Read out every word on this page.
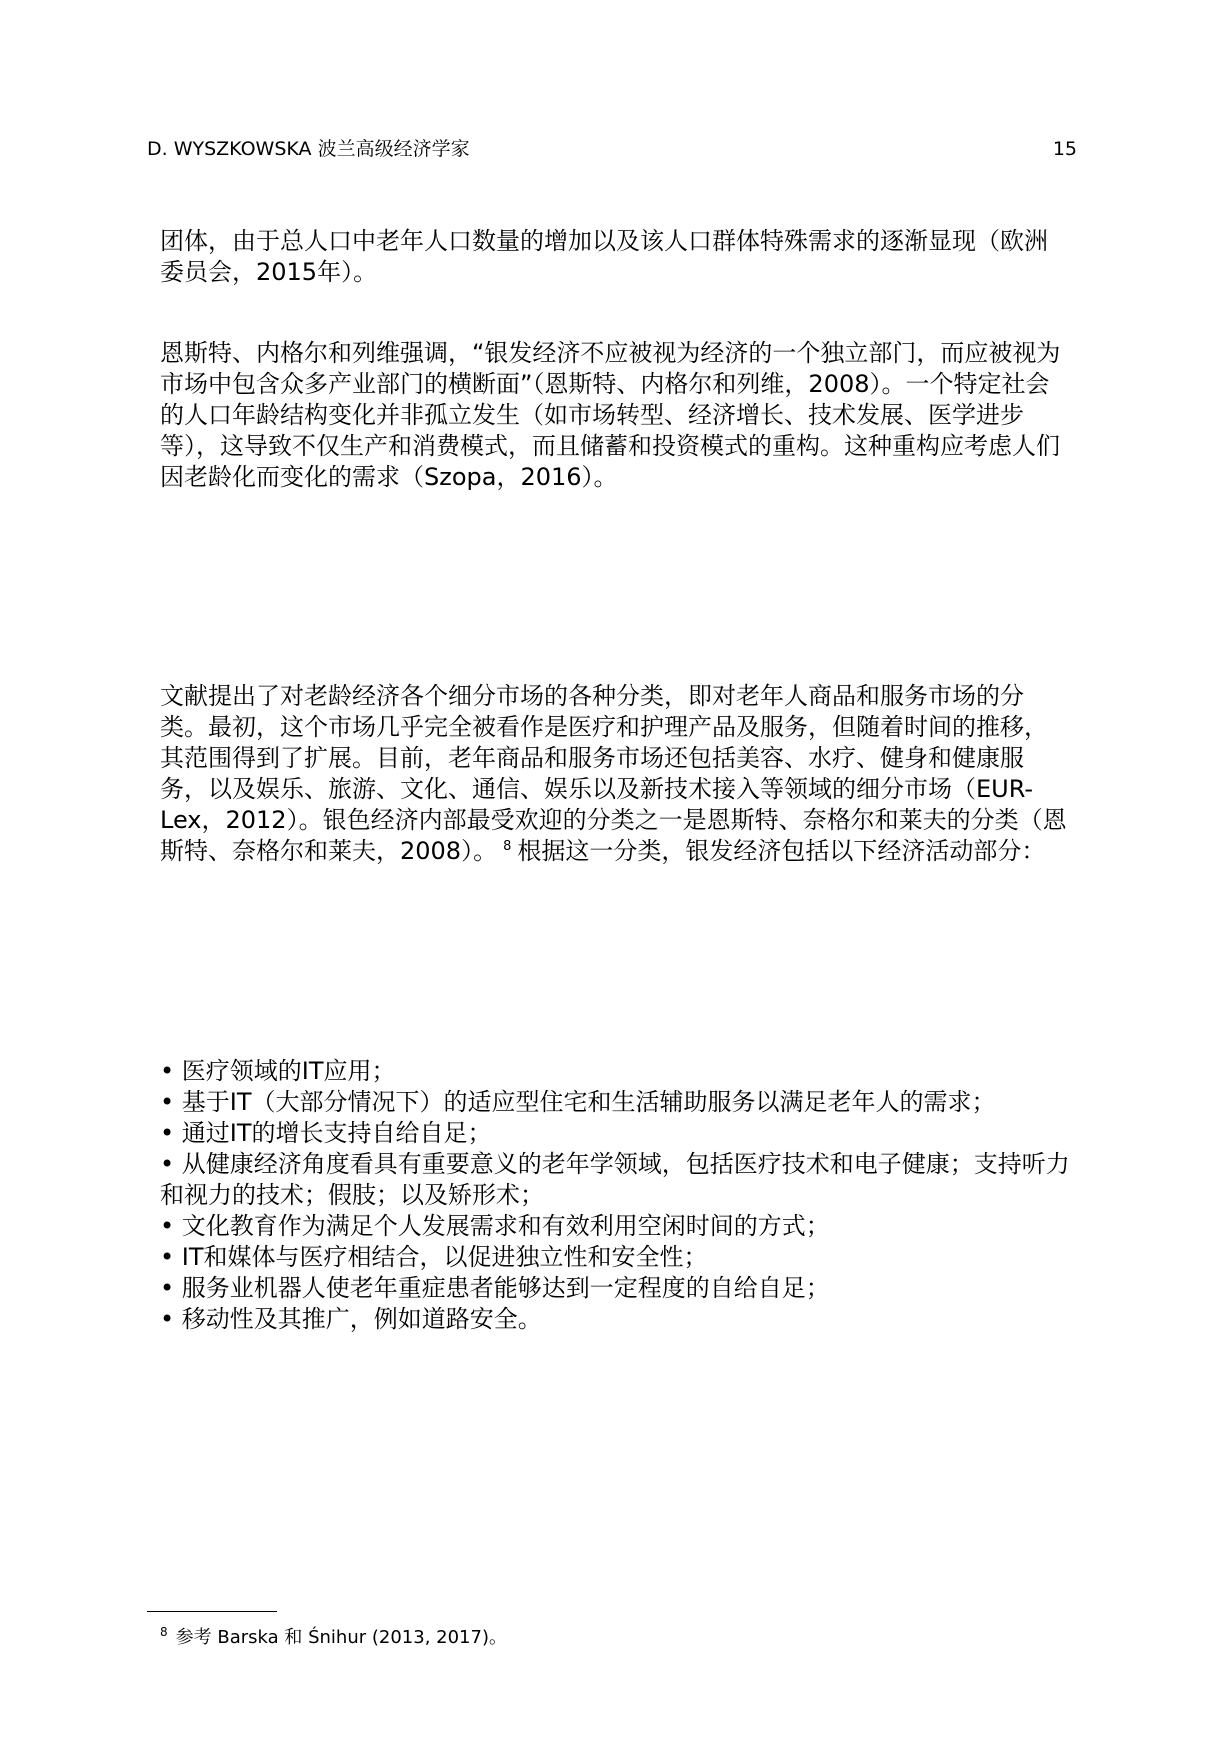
D. WYSZKOWSKA 波兰高级经济学家	15

团体，由于总人口中老年人口数量的增加以及该人口群体特殊需求的逐渐显现（欧洲委员会，2015年）。

恩斯特、内格尔和列维强调，“银发经济不应被视为经济的一个独立部门，而应被视为市场中包含众多产业部门的横断面”（恩斯特、内格尔和列维，2008）。一个特定社会的人口年龄结构变化并非孤立发生（如市场转型、经济增长、技术发展、医学进步等），这导致不仅生产和消费模式，而且储蓄和投资模式的重构。这种重构应考虑人们因老龄化而变化的需求（Szopa，2016）。

文献提出了对老龄经济各个细分市场的各种分类，即对老年人商品和服务市场的分类。最初，这个市场几乎完全被看作是医疗和护理产品及服务，但随着时间的推移，其范围得到了扩展。目前，老年商品和服务市场还包括美容、水疗、健身和健康服务，以及娱乐、旅游、文化、通信、娱乐以及新技术接入等领域的细分市场（EUR-Lex，2012）。银色经济内部最受欢迎的分类之一是恩斯特、奈格尔和莱夫的分类（恩斯特、奈格尔和莱夫，2008）。 $^8$ 根据这一分类，银发经济包括以下经济活动部分：

• 医疗领域的IT应用；
• 基于IT（大部分情况下）的适应型住宅和生活辅助服务以满足老年人的需求；
• 通过IT的增长支持自给自足；
• 从健康经济角度看具有重要意义的老年学领域，包括医疗技术和电子健康；支持听力和视力的技术；假肢；以及矫形术；
• 文化教育作为满足个人发展需求和有效利用空闲时间的方式；
• IT和媒体与医疗相结合，以促进独立性和安全性；
• 服务业机器人使老年重症患者能够达到一定程度的自给自足；
• 移动性及其推广，例如道路安全。
$^8$ 参考 Barska 和 Śnihur (2013, 2017)。
